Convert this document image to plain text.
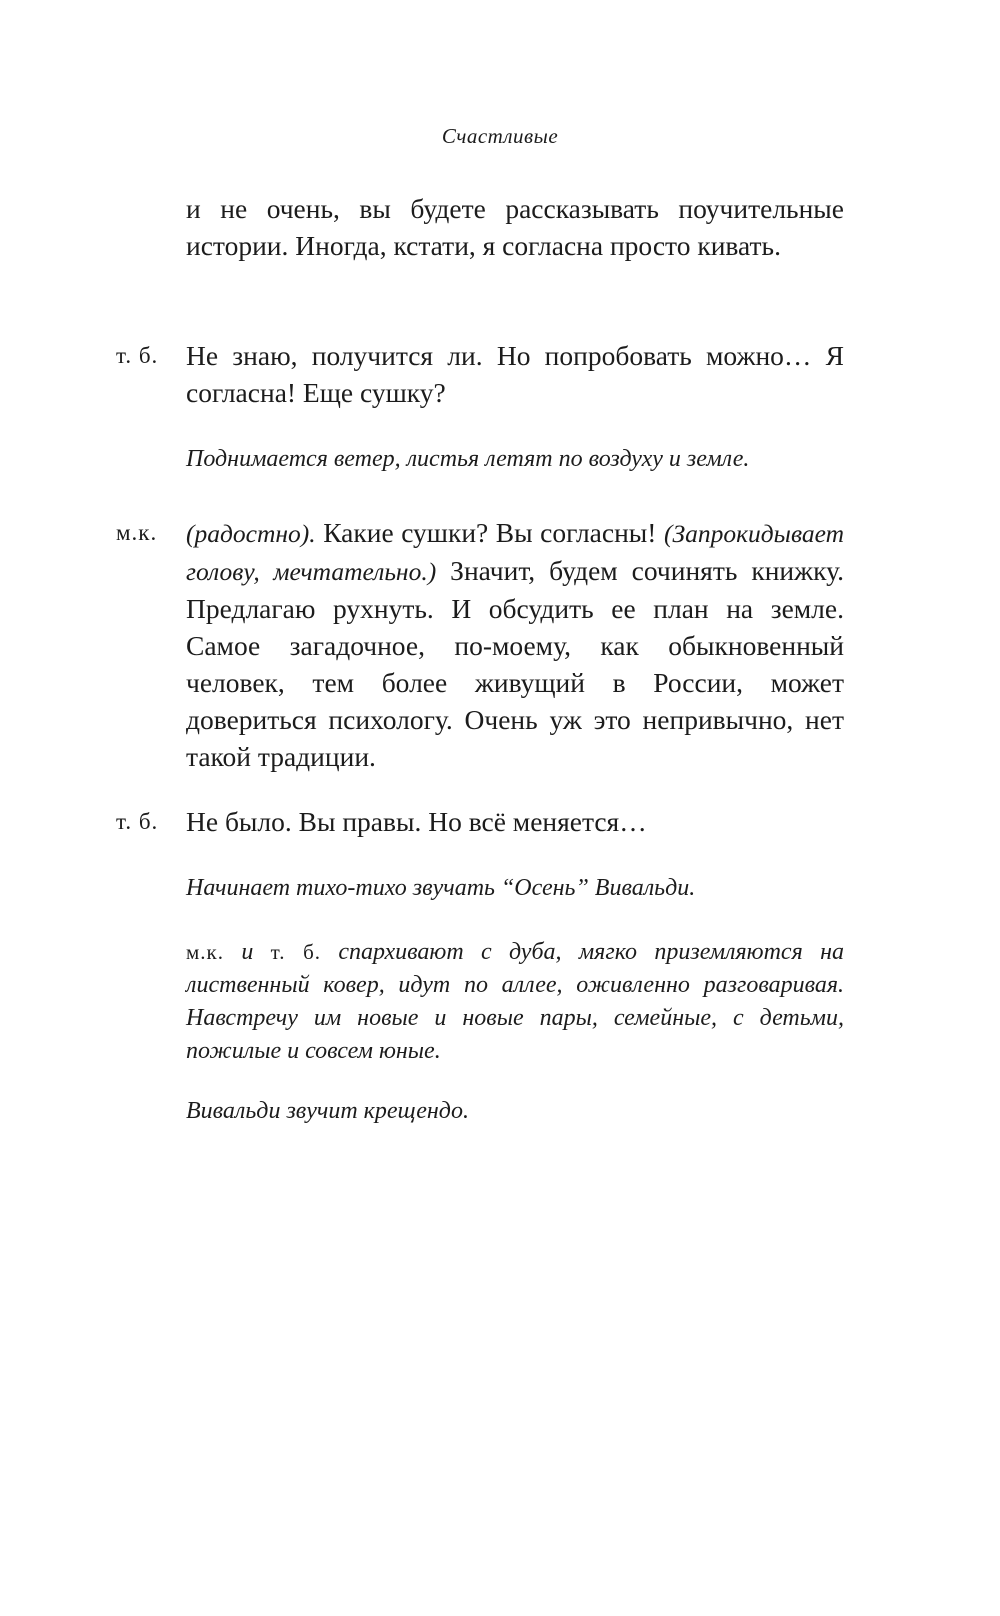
Счастливые
и не очень, вы будете рассказывать поучительные истории. Иногда, кстати, я согласна просто кивать.
т. б. Не знаю, получится ли. Но попробовать можно… Я согласна! Еще сушку?
Поднимается ветер, листья летят по воздуху и земле.
м.к. (радостно). Какие сушки? Вы согласны! (Запрокидывает голову, мечтательно.) Значит, будем сочинять книжку. Предлагаю рухнуть. И обсудить ее план на земле. Самое загадочное, по-моему, как обыкновенный человек, тем более живущий в России, может довериться психологу. Очень уж это непривычно, нет такой традиции.
т. б. Не было. Вы правы. Но всё меняется…
Начинает тихо-тихо звучать “Осень” Вивальди.
м.к. и т. б. спархивают с дуба, мягко приземляются на лиственный ковер, идут по аллее, оживленно разговаривая. Навстречу им новые и новые пары, семейные, с детьми, пожилые и совсем юные.
Вивальди звучит крещендо.
